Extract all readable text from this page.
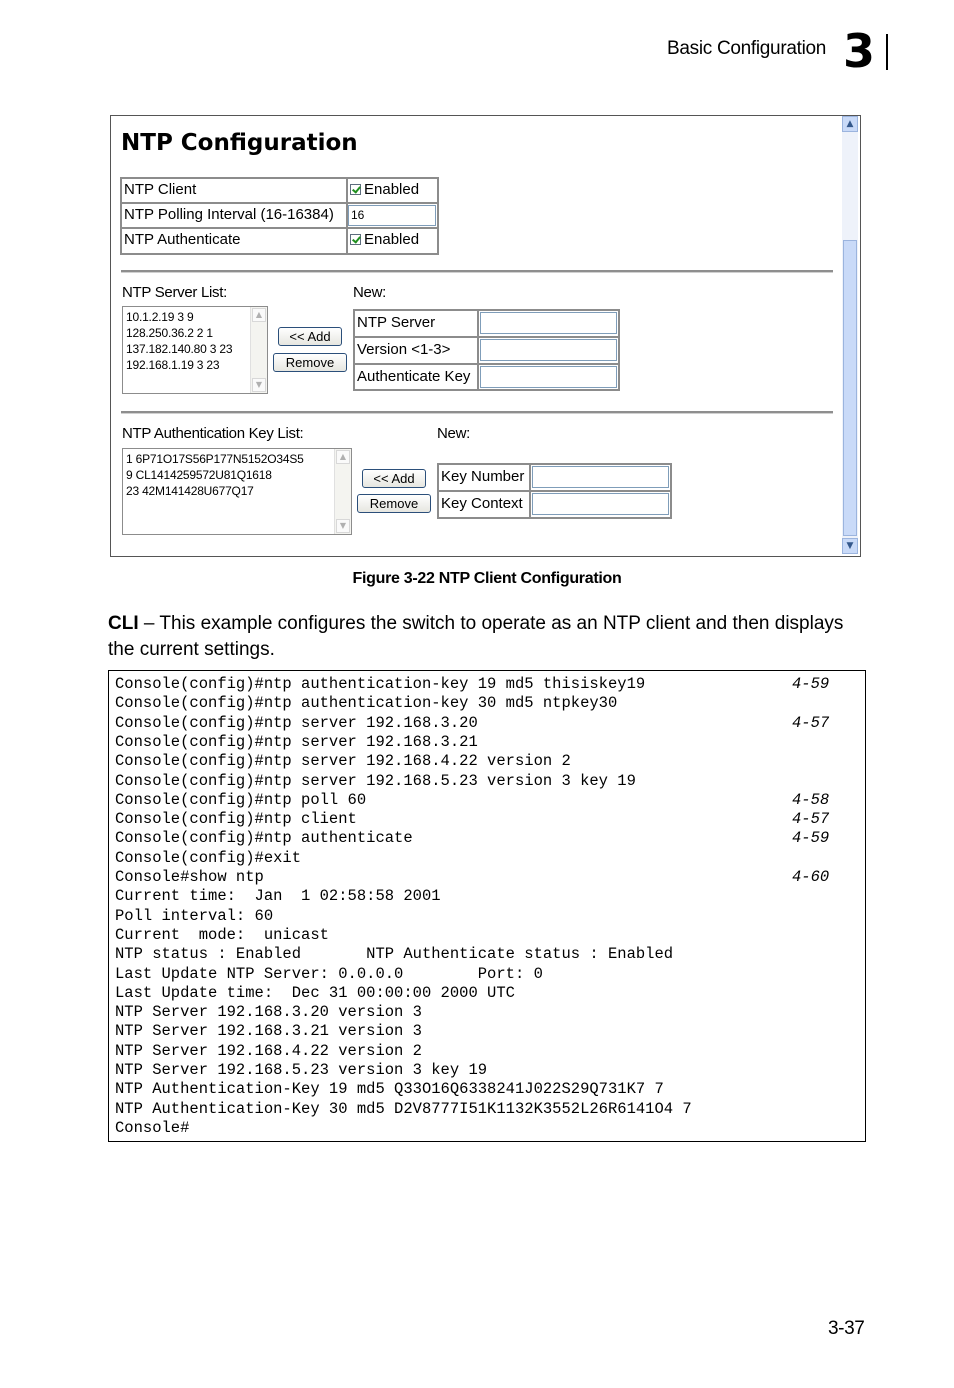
Basic Configuration 3
▲
▼
NTP Configuration
NTP Client	Enabled
NTP Polling Interval (16-16384)	16
NTP Authenticate	Enabled
NTP Server List:	New:
10.1.2.19 3 9
128.250.36.2 2 1
137.182.140.80 3 23
192.168.1.19 3 23
▲
▼
<< Add
Remove
NTP Server
Version <1-3>
Authenticate Key
NTP Authentication Key List:	New:
1 6P71O17S56P177N5152O34S5
9 CL1414259572U81Q1618
23 42M141428U677Q17
▲
▼
<< Add
Remove
Key Number
Key Context
Figure 3-22 NTP Client Configuration
CLI – This example configures the switch to operate as an NTP client and then displays the current settings.
Console(config)#ntp authentication-key 19 md5 thisiskey19	4-59
Console(config)#ntp authentication-key 30 md5 ntpkey30
Console(config)#ntp server 192.168.3.20	4-57
Console(config)#ntp server 192.168.3.21
Console(config)#ntp server 192.168.4.22 version 2
Console(config)#ntp server 192.168.5.23 version 3 key 19
Console(config)#ntp poll 60	4-58
Console(config)#ntp client	4-57
Console(config)#ntp authenticate	4-59
Console(config)#exit
Console#show ntp	4-60
Current time:  Jan  1 02:58:58 2001
Poll interval: 60
Current  mode:  unicast
NTP status : Enabled       NTP Authenticate status : Enabled
Last Update NTP Server: 0.0.0.0        Port: 0
Last Update time:  Dec 31 00:00:00 2000 UTC
NTP Server 192.168.3.20 version 3
NTP Server 192.168.3.21 version 3
NTP Server 192.168.4.22 version 2
NTP Server 192.168.5.23 version 3 key 19
NTP Authentication-Key 19 md5 Q33O16Q6338241J022S29Q731K7 7
NTP Authentication-Key 30 md5 D2V8777I51K1132K3552L26R6141O4 7
Console#
3-37
